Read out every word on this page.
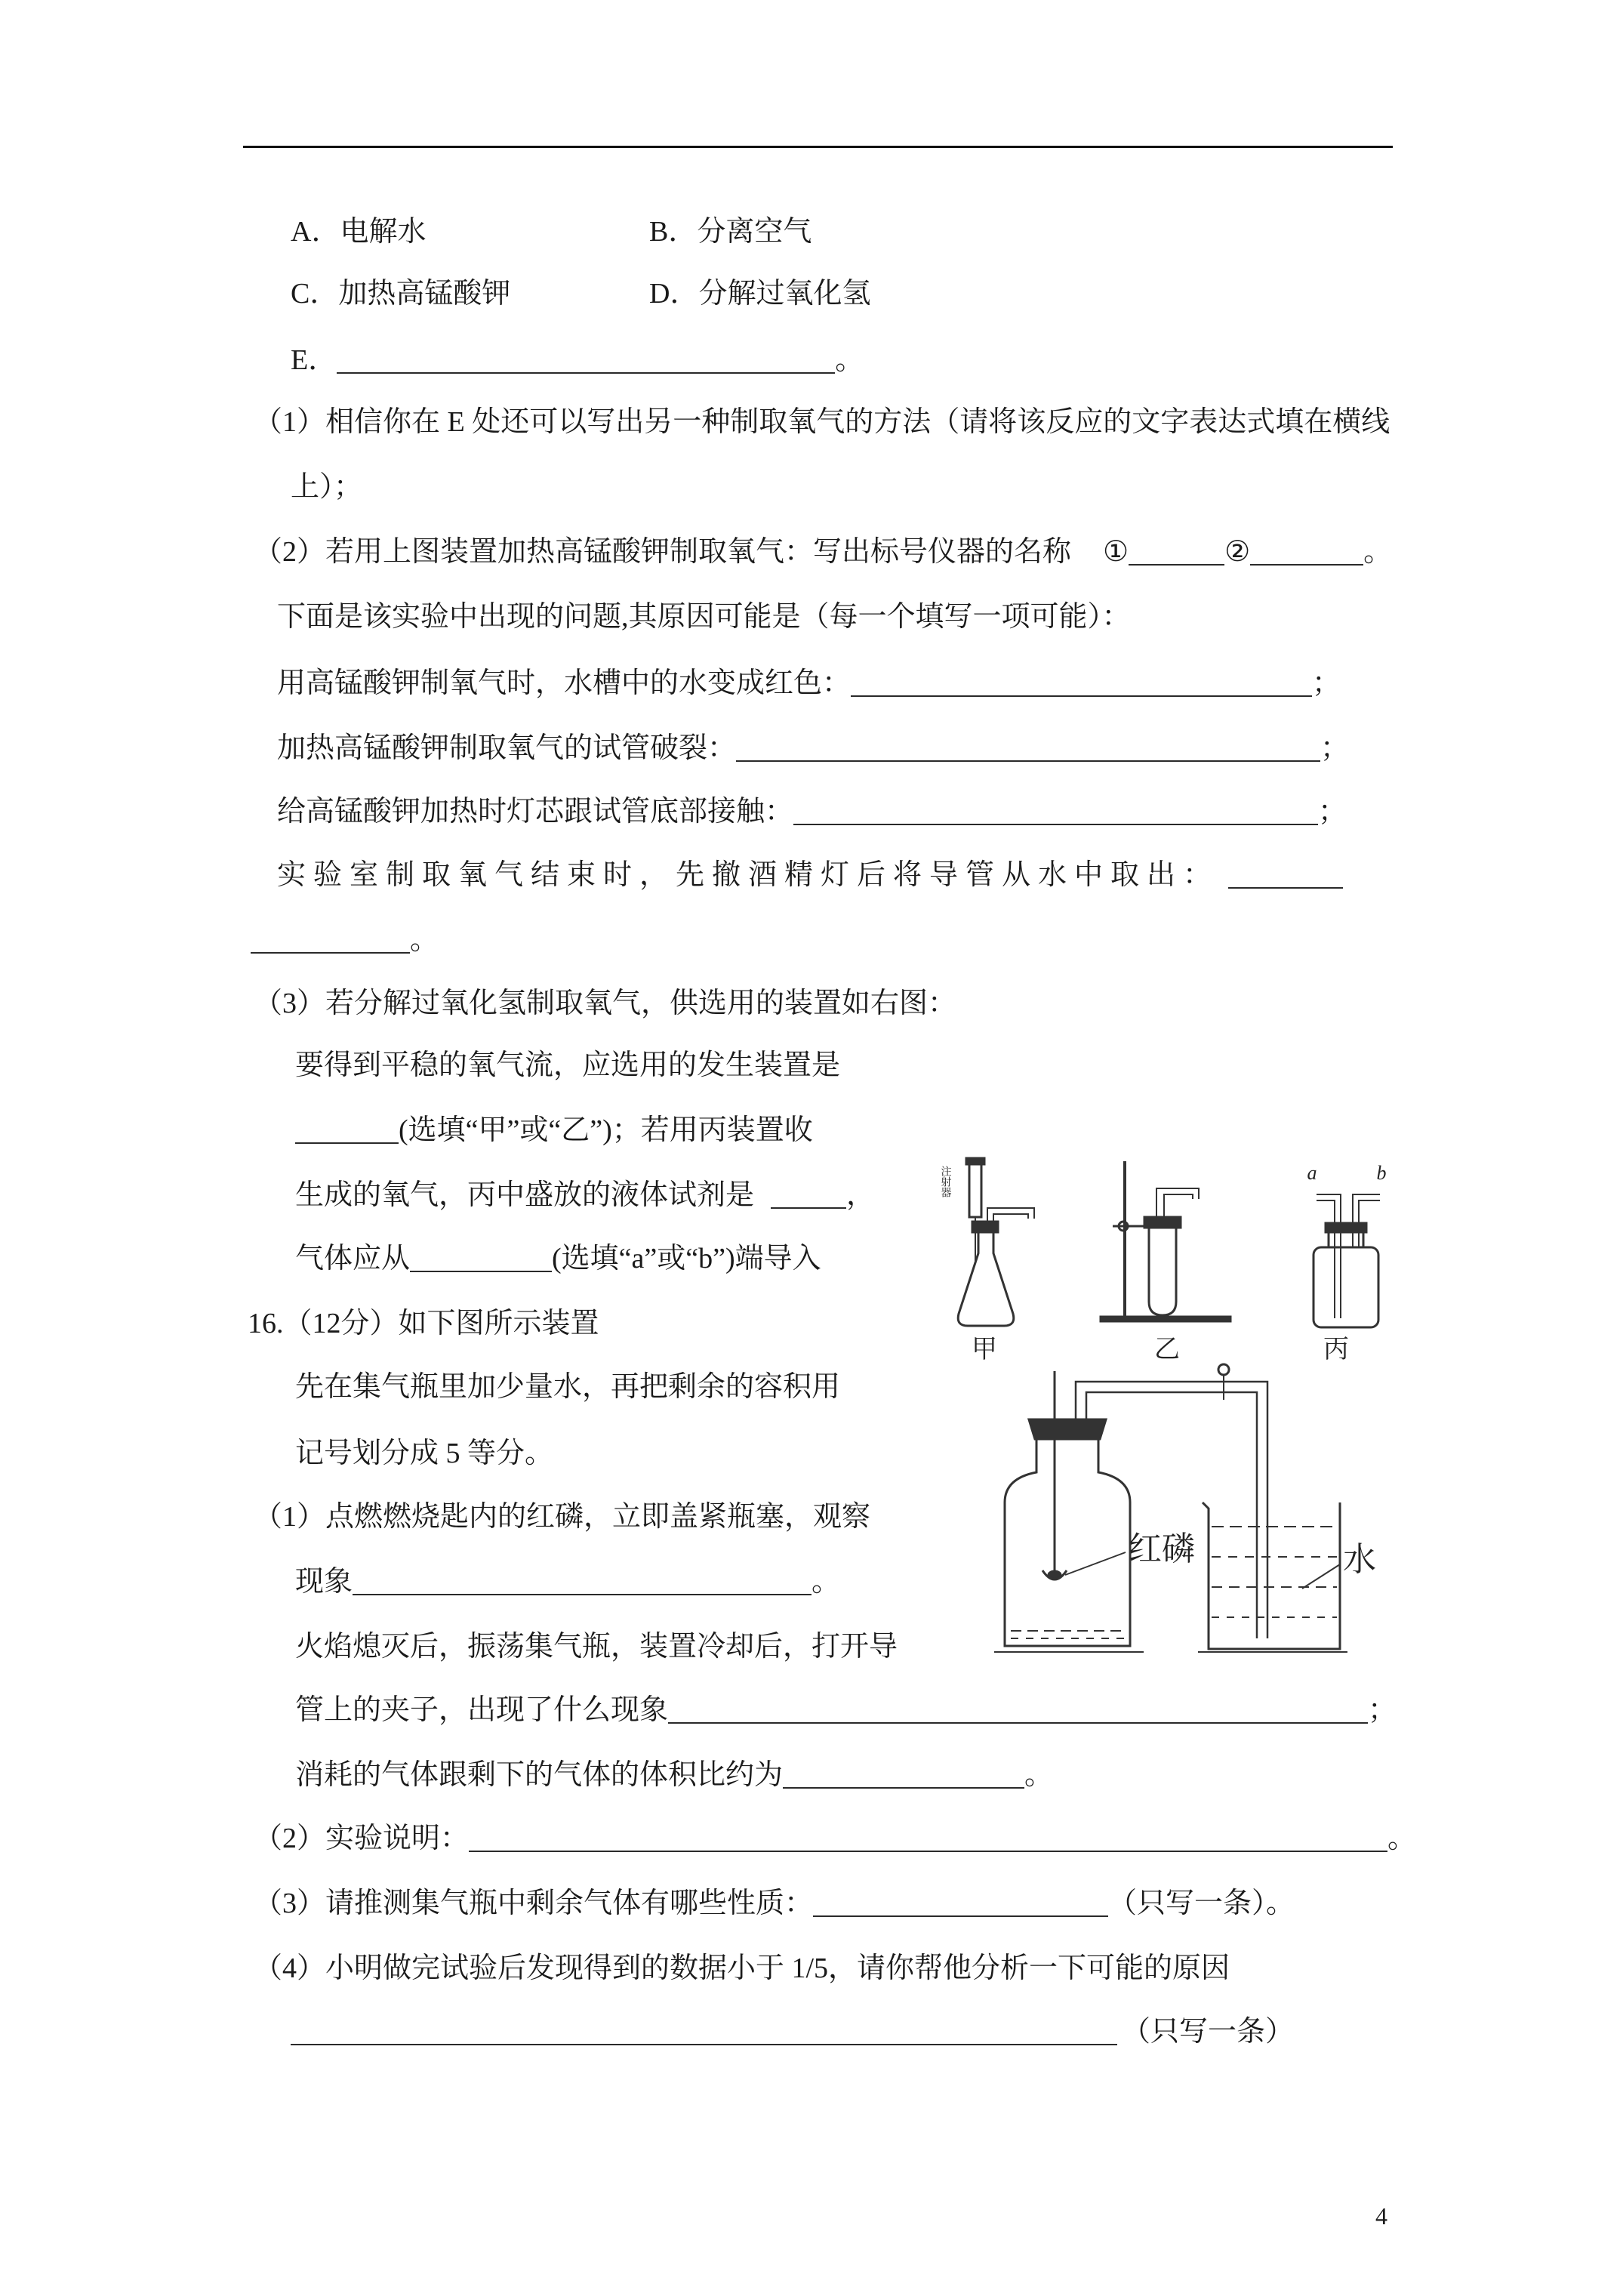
A．电解水	B．分离空气
C．加热高锰酸钾	D．分解过氧化氢
E．	。
（1）相信你在 E 处还可以写出另一种制取氧气的方法（请将该反应的文字表达式填在横线
上）；
（2）若用上图装置加热高锰酸钾制取氧气：写出标号仪器的名称 ①	②	。
下面是该实验中出现的问题,其原因可能是（每一个填写一项可能）：
用高锰酸钾制氧气时，水槽中的水变成红色：	；
加热高锰酸钾制取氧气的试管破裂：	；
给高锰酸钾加热时灯芯跟试管底部接触：	；
实验室制取氧气结束时，先撤酒精灯后将导管从水中取出：
。
（3）若分解过氧化氢制取氧气，供选用的装置如右图：
要得到平稳的氧气流，应选用的发生装置是
(选填“甲”或“乙”)；若用丙装置收
生成的氧气，丙中盛放的液体试剂是	，
气体应从	(选填“a”或“b”)端导入
注射器
甲	乙
a	b
丙
16.（12分）如下图所示装置
先在集气瓶里加少量水，再把剩余的容积用
记号划分成 5 等分。
（1）点燃燃烧匙内的红磷，立即盖紧瓶塞，观察
现象	。
火焰熄灭后，振荡集气瓶，装置冷却后，打开导
管上的夹子，出现了什么现象	；
消耗的气体跟剩下的气体的体积比约为	。
（2）实验说明：	。
（3）请推测集气瓶中剩余气体有哪些性质：	（只写一条）。
（4）小明做完试验后发现得到的数据小于 1/5，请你帮他分析一下可能的原因
（只写一条）
红磷	水
4
